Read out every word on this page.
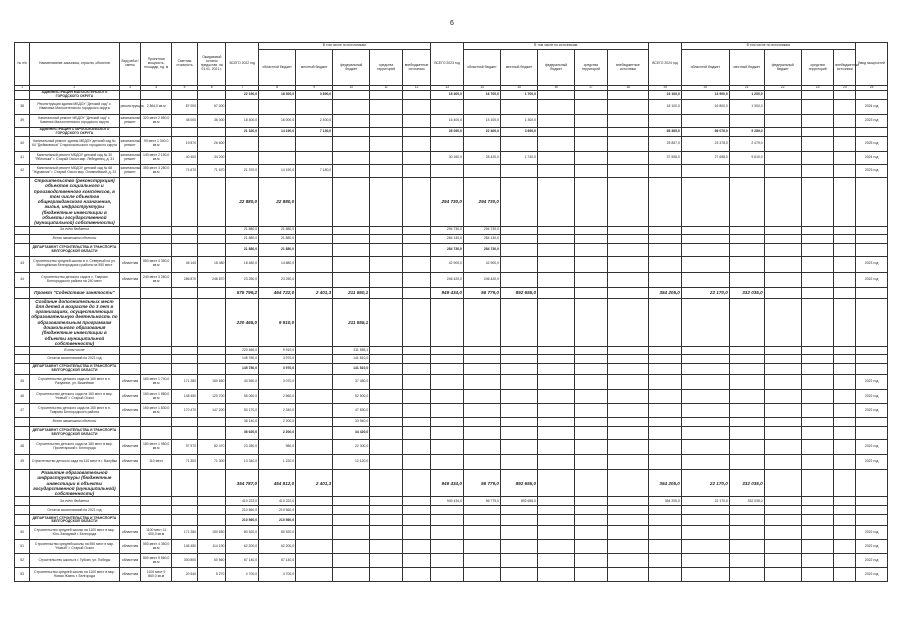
6
№ п/п	Наименование заказчика, отрасли, объектов	Вид работ/ сметы	Проектная мощность, площадь, ед. м	Сметная стоимость	Ожидаемый остаток предостав. на 01.01. 2021 г.	ВСЕГО 2022 год	В том числе по источникам:					ВСЕГО 2023 год	В том числе по источникам:					ВСЕГО 2024 год	В том числе по источникам:					Ввод мощностей
							областной бюджет	местный бюджет	федеральный бюджет	средства территорий	внебюджетные источники		областной бюджет	местный бюджет	федеральный бюджет	средства территорий	внебюджетные источники		областной бюджет	местный бюджет	федеральный бюджет	средства территорий	внебюджетные источники	
1	2	3	4	5	6	7	8	9	10	11	12	13	14	15	16	17	18	19	20	21	22	23	24	25
	АДМИНИСТРАЦИЯ МАЛООХТЕНСКОГО ГОРОДСКОГО ОКРУГА					22 190,0	18 300,0	3 890,0				18 400,0	16 700,0	1 700,0				16 100,0	14 900,0	1 200,0				
38	Реконструкция здания МБДОУ "Детский сад" с. Ивановка Малоохтенского городского округа	реконструкция	2 864,0 кв.м	87 000	67 000													18 100,0	16 800,0	1 300,0				2024 год
39	Капитальный ремонт МБДОУ "Детский сад" с. Каменка Малоохтенского городского округа	капитальный ремонт	320 мест 2 850,0 кв.м	48 000	36 000	18 400,0	16 000,0	2 400,0				16 400,0	15 100,0	1 300,0										2023 год
	АДМИНИСТРАЦИЯ СТАРООСКОЛЬСКОГО ГОРОДСКОГО ОКРУГА					21 320,0	14 190,0	7 130,0				26 090,0	22 400,0	3 690,0				65 365,0	56 076,0	9 289,0				
40	Капитальный ремонт здания МБДОУ детский сад № 64 "Дюймовочка" Старооскольского городского округа	капитальный ремонт	90 мест 1 340,0 кв.м	19 870	26 600													25 857,0	23 378,0	2 479,0				2025 год
41	Капитальный ремонт МБДОУ детский сад № 30 "Яблонька" г. Старый Оскол мкр. Лебединец, д. 31	капитальный ремонт	140 мест 2 150,0 кв.м	40 400	34 200							30 160,0	28 420,0	1 740,0				37 508,0	27 698,0	9 810,0				2024 год
42	Капитальный ремонт МБДОУ детский сад № 68 "Журавлик" г. Старый Оскол мкр. Олимпийский, д. 31	капитальный ремонт	350 мест 3 280,0 кв.м	71 670	71 670	21 370,0	14 190,0	7 180,0																2023 год
	Строительство (реконструкция) объектов социального и производственного комплексов, в том числе объектов общегражданского назначения, жилья, инфраструктуры (бюджетные инвестиции в объекты государственной (муниципальной) собственности)					22 880,0	22 880,0					294 730,0	294 730,0											
	За счёт бюджета					21 880,0	21 880,0					294 730,0	294 730,0											
	Всего заказчиком объекты					21 880,0	21 880,0					284 130,0	284 130,0											
	ДЕПАРТАМЕНТ СТРОИТЕЛЬСТВА И ТРАНСПОРТА БЕЛГОРОДСКОЙ ОБЛАСТИ					21 880,0	21 880,0					284 730,0	284 730,0											
43	Строительство средней школы в п. Северный по ул. Молодёжная Белгородского района на 550 мест	областная	550 мест 4 350,0 кв.м	46 140	18 480	18 480,0	14 880,0					42 900,0	42 900,0											2023 год
44	Строительство детского сада в с. Таврово Белгородского района на 240 мест	областная	240 мест 3 280,0 кв.м	286 870	248 870	23 250,0	23 250,0					246 420,0	246 420,0											2022 год
	Проект "Содействие занятости"					575 799,2	464 722,0	2 401,3	211 560,1			949 434,0	56 779,0	892 655,0				354 205,0	22 170,0	332 035,0				
	Создание дополнительных мест для детей в возрасте до 3 лет в организациях, осуществляющих образовательную деятельность по образовательным программам дошкольного образования (бюджетные инвестиции в объекты муниципальной собственности)					220 465,0	9 910,0		211 555,1															
	В том числе					220 465,0	9 910,0		211 555,1															
	Остаток ассигнований на 2021 год					145 780,0	3 970,0		141 810,0															
	ДЕПАРТАМЕНТ СТРОИТЕЛЬСТВА И ТРАНСПОРТА БЕЛГОРОДСКОЙ ОБЛАСТИ					145 780,0	3 970,0		141 810,0															
45	Строительство детского сада на 160 мест в п. Разумное, ул. Вишнёвая	областная	160 мест 1 740,0 кв.м	171 280	150 650	40 550,0	3 070,0		37 480,0															2022 год
46	Строительство детского сада на 160 мест в мкр. "Новый" г. Старый Оскол	областная	160 мест 1 880,0 кв.м	148 450	120 700	55 060,0	2 560,0		52 500,0															2022 год
47	Строительство детского сада на 150 мест в п. Таврово Белгородского района	областная	150 мест 1 830,0 кв.м	170 470	147 200	50 170,0	2 340,0		47 830,0															2022 год
	Всего заказчиком объекты					36 140,0	2 200,0		33 940,0															
	ДЕПАРТАМЕНТ СТРОИТЕЛЬСТВА И ТРАНСПОРТА БЕЛГОРОДСКОЙ ОБЛАСТИ					36 620,0	2 200,0		34 420,0															
48	Строительство детского сада на 180 мест в мкр. Пролетарский г. Белгорода	областная	180 мест 1 980,0 кв.м	97 570	82 470	23 280,0	980,0		22 300,0															2022 год
49	Строительство детского сада на 110 мест в г. Валуйки	областная	110 мест	71 300	71 300	13 340,0	1 220,0		12 120,0															2022 год
	Развитие образовательной инфраструктуры (бюджетные инвестиции в объекты государственной (муниципальной) собственности)					354 787,0	454 812,0	2 401,3				949 434,0	56 779,0	892 655,0				354 205,0	22 170,0	332 035,0				
	За счёт бюджета					410 222,0	410 222,0					949 434,0	56 779,0	892 655,0				354 205,0	22 170,0	332 035,0				
	Остаток ассигнований на 2021 год					210 560,0	210 560,0																	
	ДЕПАРТАМЕНТ СТРОИТЕЛЬСТВА И ТРАНСПОРТА БЕЛГОРОДСКОЙ ОБЛАСТИ					210 560,0	210 560,0																	
50	Строительство средней школы на 1100 мест в мкр. Юго-Западный г. Белгорода	областная	1100 мест 11 400,0 кв.м	171 280	150 650	80 520,0	80 520,0																	2022 год
51	Строительство средней школы на 550 мест в мкр. "Новый" г. Старый Оскол	областная	550 мест 4 350,0 кв.м	146 450	114 190	62 200,0	62 200,0																	2022 год
52	Строительство школы в г. Губкин, ул. Победы	областная	800 мест 9 560,0 кв.м	300 800	60 560	67 140,0	67 140,0																	2022 год
53	Строительство средней школы на 1100 мест в мкр. Новая Жизнь г. Белгорода	областная	1100 мест 9 860,0 кв.м	20 540	5 270	4 700,0	4 700,0																	2022 год
